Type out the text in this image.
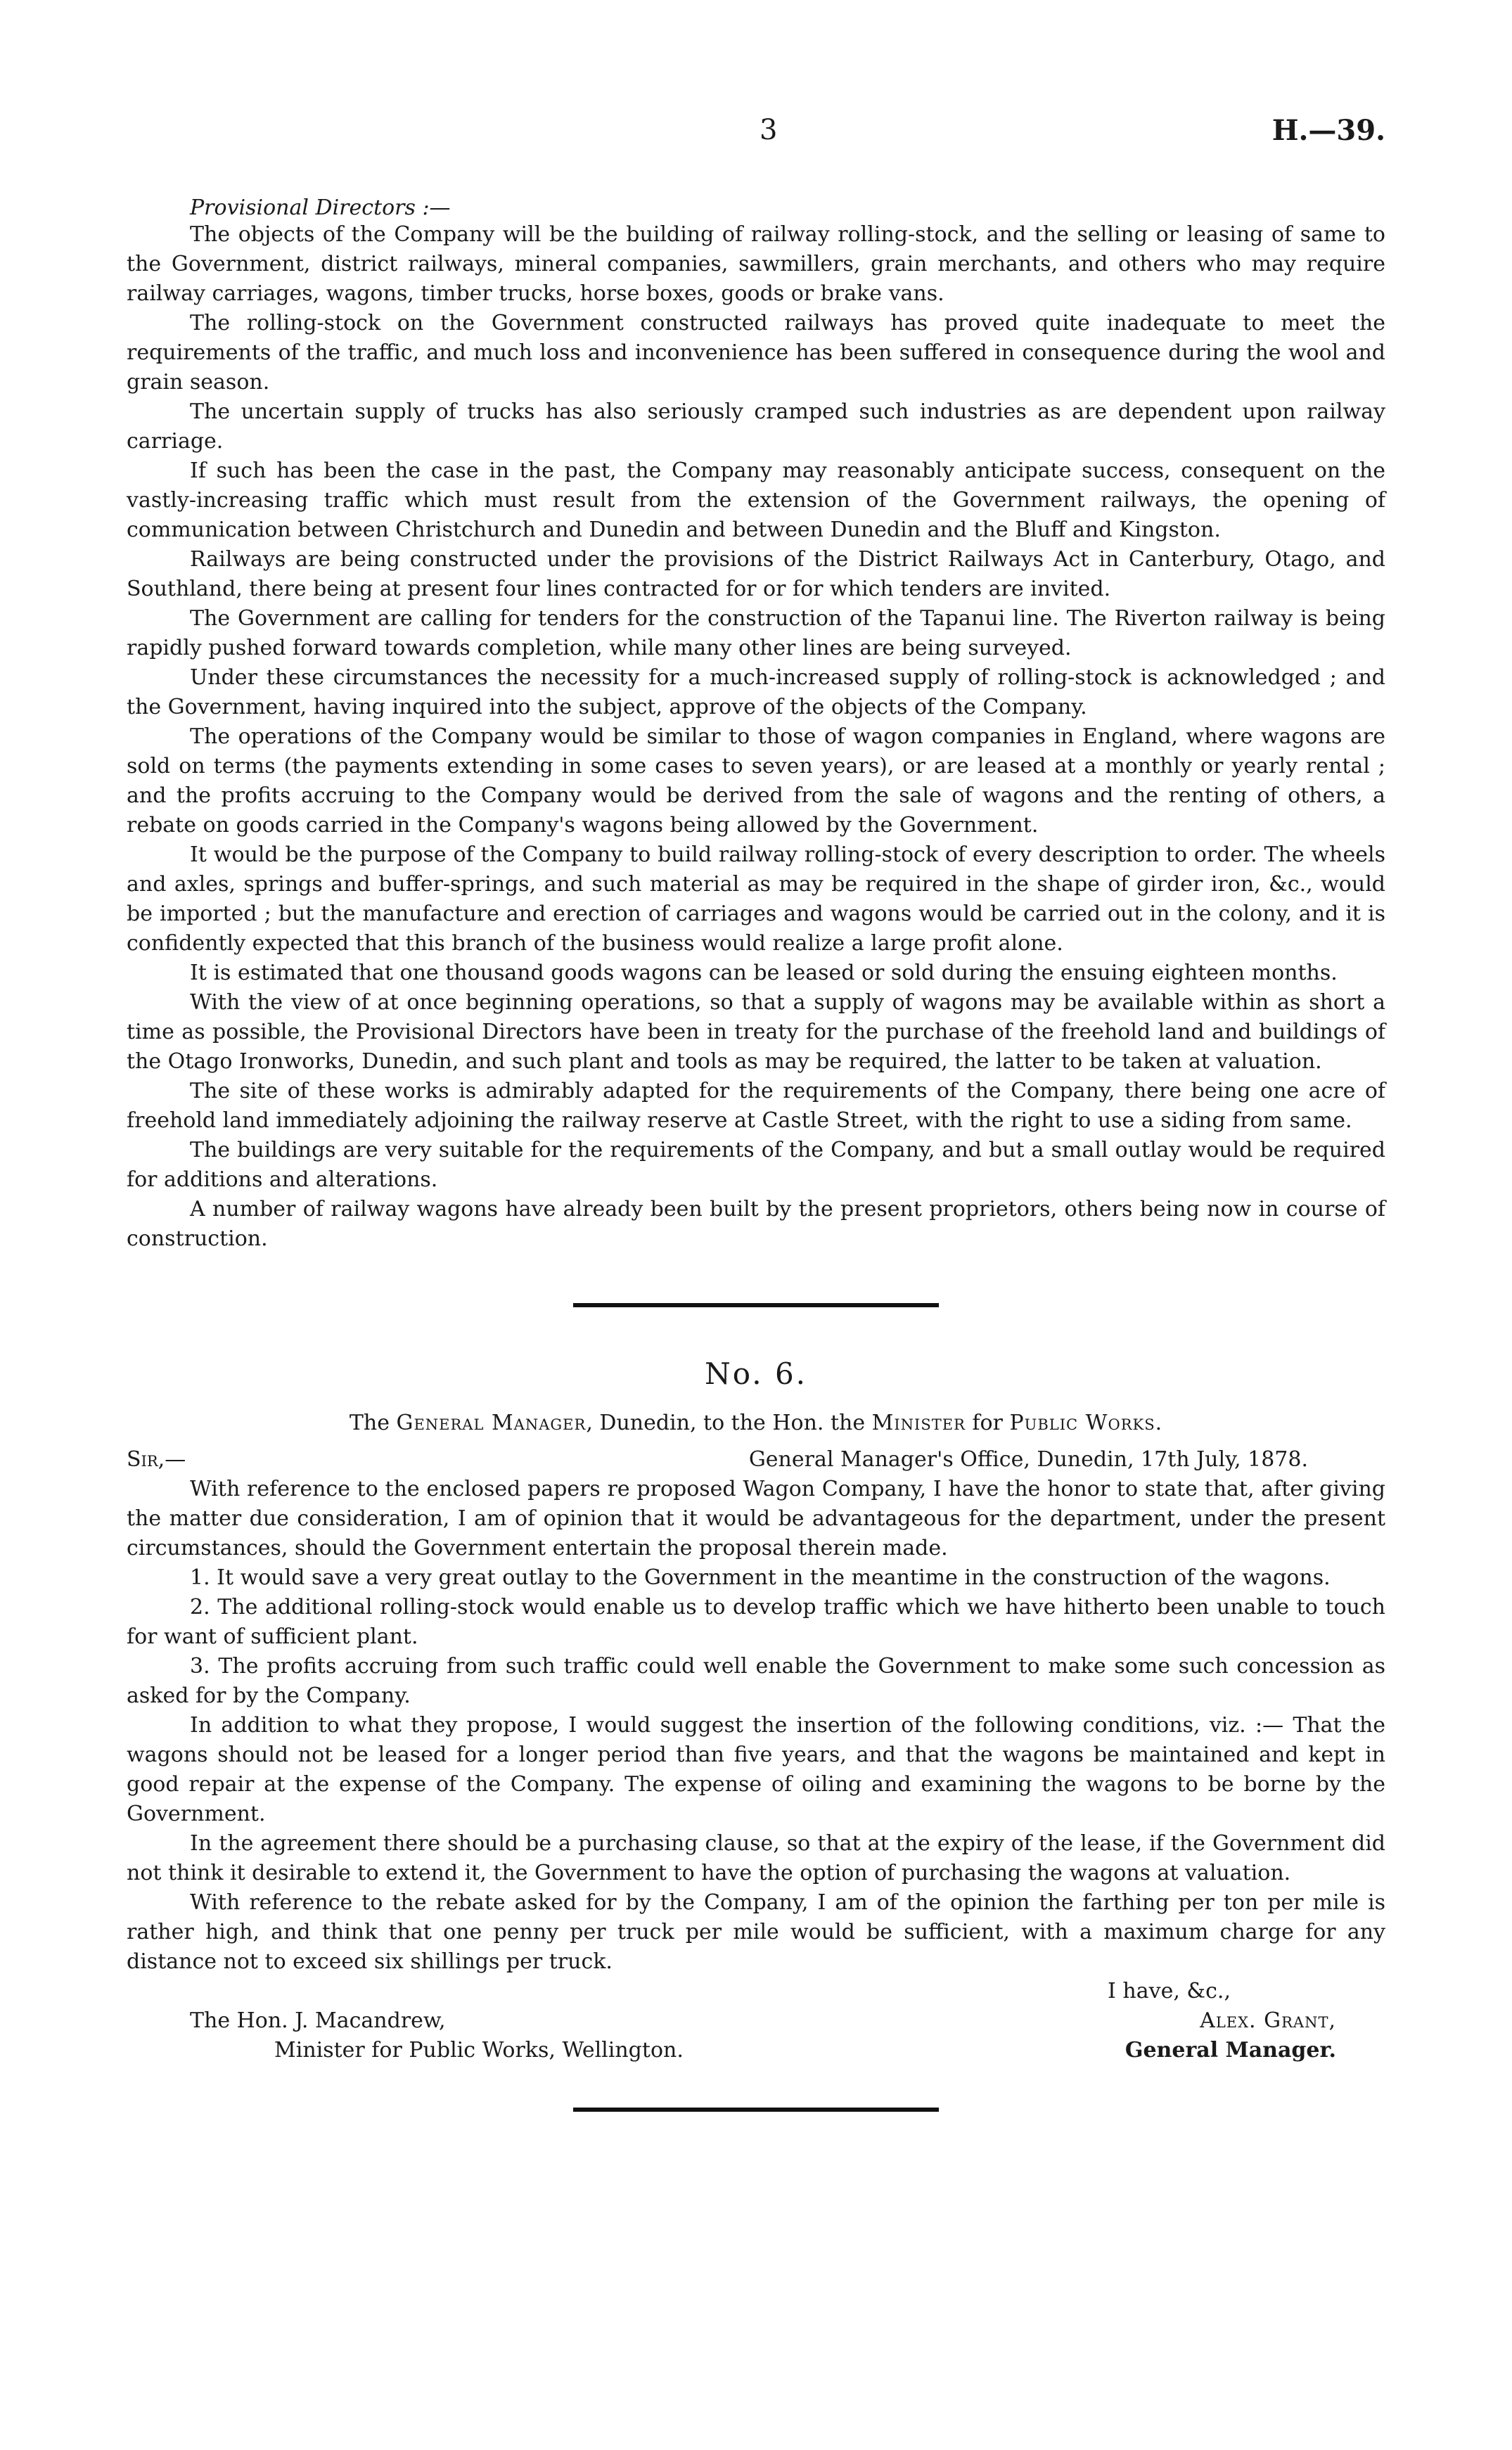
3	H.—39.
Provisional Directors :—

The objects of the Company will be the building of railway rolling-stock, and the selling or leasing of same to the Government, district railways, mineral companies, sawmillers, grain merchants, and others who may require railway carriages, wagons, timber trucks, horse boxes, goods or brake vans.

The rolling-stock on the Government constructed railways has proved quite inadequate to meet the requirements of the traffic, and much loss and inconvenience has been suffered in consequence during the wool and grain season.

The uncertain supply of trucks has also seriously cramped such industries as are dependent upon railway carriage.

If such has been the case in the past, the Company may reasonably anticipate success, consequent on the vastly-increasing traffic which must result from the extension of the Government railways, the opening of communication between Christchurch and Dunedin and between Dunedin and the Bluff and Kingston.

Railways are being constructed under the provisions of the District Railways Act in Canterbury, Otago, and Southland, there being at present four lines contracted for or for which tenders are invited.

The Government are calling for tenders for the construction of the Tapanui line. The Riverton railway is being rapidly pushed forward towards completion, while many other lines are being surveyed.

Under these circumstances the necessity for a much-increased supply of rolling-stock is acknowledged ; and the Government, having inquired into the subject, approve of the objects of the Company.

The operations of the Company would be similar to those of wagon companies in England, where wagons are sold on terms (the payments extending in some cases to seven years), or are leased at a monthly or yearly rental ; and the profits accruing to the Company would be derived from the sale of wagons and the renting of others, a rebate on goods carried in the Company's wagons being allowed by the Government.

It would be the purpose of the Company to build railway rolling-stock of every description to order. The wheels and axles, springs and buffer-springs, and such material as may be required in the shape of girder iron, &c., would be imported ; but the manufacture and erection of carriages and wagons would be carried out in the colony, and it is confidently expected that this branch of the business would realize a large profit alone.

It is estimated that one thousand goods wagons can be leased or sold during the ensuing eighteen months.

With the view of at once beginning operations, so that a supply of wagons may be available within as short a time as possible, the Provisional Directors have been in treaty for the purchase of the freehold land and buildings of the Otago Ironworks, Dunedin, and such plant and tools as may be required, the latter to be taken at valuation.

The site of these works is admirably adapted for the requirements of the Company, there being one acre of freehold land immediately adjoining the railway reserve at Castle Street, with the right to use a siding from same.

The buildings are very suitable for the requirements of the Company, and but a small outlay would be required for additions and alterations.

A number of railway wagons have already been built by the present proprietors, others being now in course of construction.

No. 6.
The General Manager, Dunedin, to the Hon. the Minister for Public Works.
Sir,—	General Manager's Office, Dunedin, 17th July, 1878.

With reference to the enclosed papers re proposed Wagon Company, I have the honor to state that, after giving the matter due consideration, I am of opinion that it would be advantageous for the department, under the present circumstances, should the Government entertain the proposal therein made.

1. It would save a very great outlay to the Government in the meantime in the construction of the wagons.

2. The additional rolling-stock would enable us to develop traffic which we have hitherto been unable to touch for want of sufficient plant.

3. The profits accruing from such traffic could well enable the Government to make some such concession as asked for by the Company.

In addition to what they propose, I would suggest the insertion of the following conditions, viz. :— That the wagons should not be leased for a longer period than five years, and that the wagons be maintained and kept in good repair at the expense of the Company. The expense of oiling and examining the wagons to be borne by the Government.

In the agreement there should be a purchasing clause, so that at the expiry of the lease, if the Government did not think it desirable to extend it, the Government to have the option of purchasing the wagons at valuation.

With reference to the rebate asked for by the Company, I am of the opinion the farthing per ton per mile is rather high, and think that one penny per truck per mile would be sufficient, with a maximum charge for any distance not to exceed six shillings per truck.

I have, &c.,
The Hon. J. Macandrew,
Minister for Public Works, Wellington.
Alex. Grant,
General Manager.
